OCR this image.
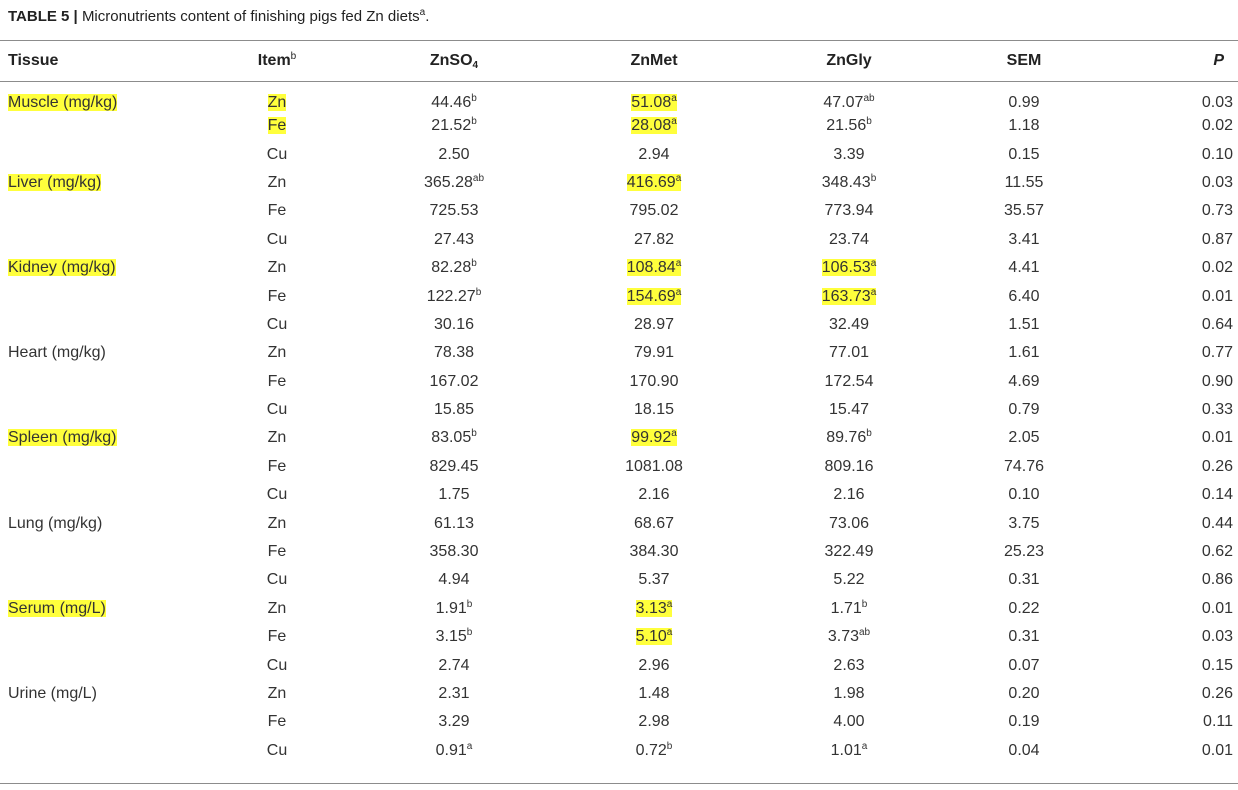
TABLE 5 | Micronutrients content of finishing pigs fed Zn diets$^a$.
Tissue	Item$^b$	ZnSO$_4$	ZnMet	ZnGly	SEM	P
Muscle (mg/kg)	Zn	44.46$^b$	51.08$^a$	47.07$^{ab}$	0.99	0.03
	Fe	21.52$^b$	28.08$^a$	21.56$^b$	1.18	0.02
	Cu	2.50	2.94	3.39	0.15	0.10
Liver (mg/kg)	Zn	365.28$^{ab}$	416.69$^a$	348.43$^b$	11.55	0.03
	Fe	725.53	795.02	773.94	35.57	0.73
	Cu	27.43	27.82	23.74	3.41	0.87
Kidney (mg/kg)	Zn	82.28$^b$	108.84$^a$	106.53$^a$	4.41	0.02
	Fe	122.27$^b$	154.69$^a$	163.73$^a$	6.40	0.01
	Cu	30.16	28.97	32.49	1.51	0.64
Heart (mg/kg)	Zn	78.38	79.91	77.01	1.61	0.77
	Fe	167.02	170.90	172.54	4.69	0.90
	Cu	15.85	18.15	15.47	0.79	0.33
Spleen (mg/kg)	Zn	83.05$^b$	99.92$^a$	89.76$^b$	2.05	0.01
	Fe	829.45	1081.08	809.16	74.76	0.26
	Cu	1.75	2.16	2.16	0.10	0.14
Lung (mg/kg)	Zn	61.13	68.67	73.06	3.75	0.44
	Fe	358.30	384.30	322.49	25.23	0.62
	Cu	4.94	5.37	5.22	0.31	0.86
Serum (mg/L)	Zn	1.91$^b$	3.13$^a$	1.71$^b$	0.22	0.01
	Fe	3.15$^b$	5.10$^a$	3.73$^{ab}$	0.31	0.03
	Cu	2.74	2.96	2.63	0.07	0.15
Urine (mg/L)	Zn	2.31	1.48	1.98	0.20	0.26
	Fe	3.29	2.98	4.00	0.19	0.11
	Cu	0.91$^a$	0.72$^b$	1.01$^a$	0.04	0.01
